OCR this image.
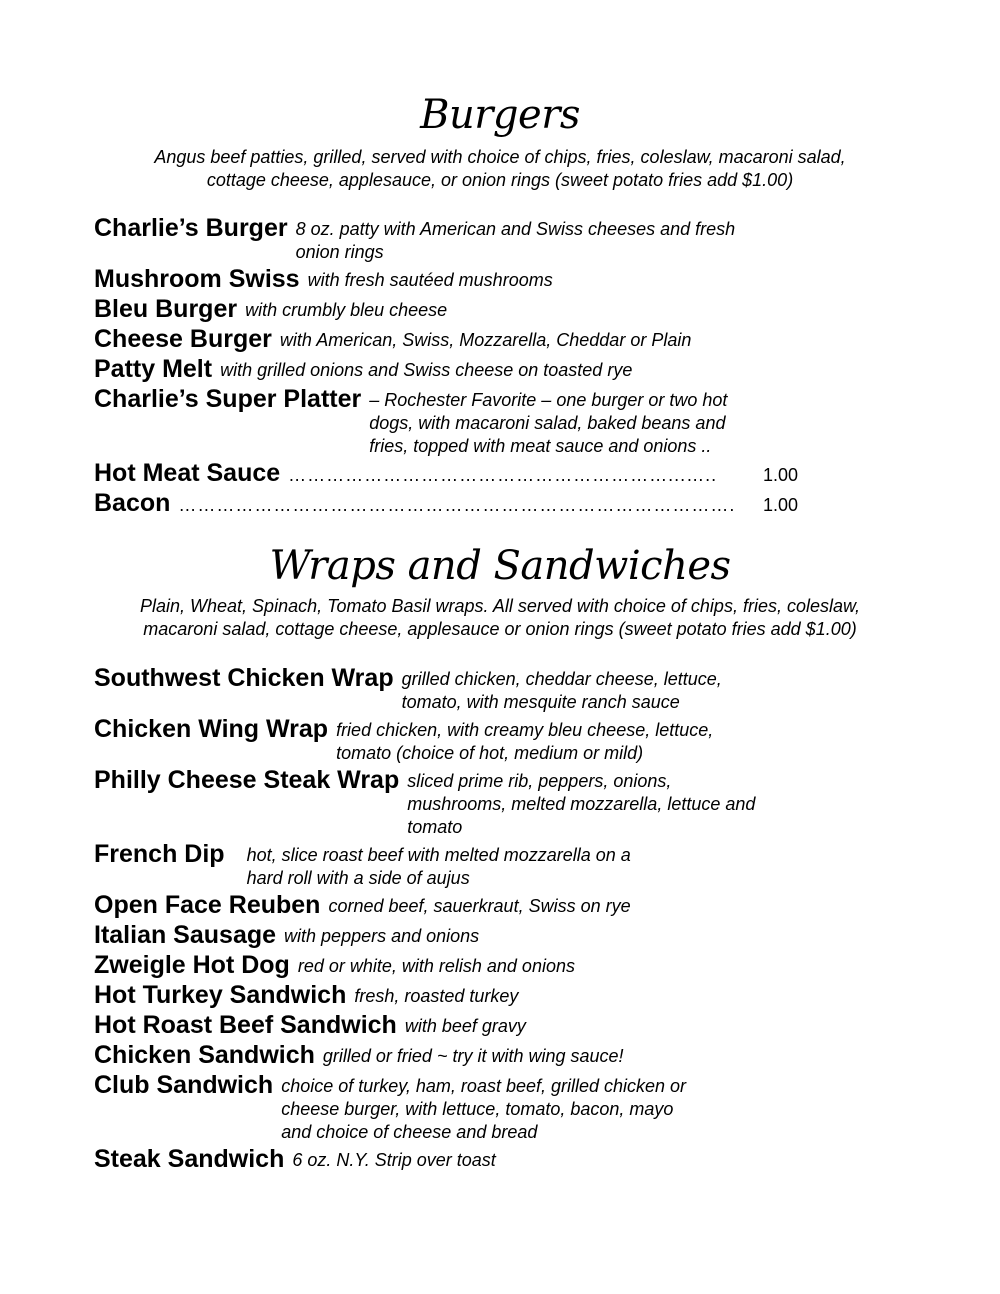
Burgers

Angus beef patties, grilled, served with choice of chips, fries, coleslaw, macaroni salad,
cottage cheese, applesauce, or onion rings (sweet potato fries add $1.00)

Charlie’s Burger 8 oz. patty with American and Swiss cheeses and fresh
onion rings
Mushroom Swiss with fresh sautéed mushrooms
Bleu Burger with crumbly bleu cheese
Cheese Burger with American, Swiss, Mozzarella, Cheddar or Plain
Patty Melt with grilled onions and Swiss cheese on toasted rye
Charlie’s Super Platter – Rochester Favorite – one burger or two hot
dogs, with macaroni salad, baked beans and
fries, topped with meat sauce and onions ..
Hot Meat Sauce ……………………………………………………...…..	1.00
Bacon …………………………………………………………………………….	1.00
Wraps and Sandwiches

Plain, Wheat, Spinach, Tomato Basil wraps. All served with choice of chips, fries, coleslaw,
macaroni salad, cottage cheese, applesauce or onion rings (sweet potato fries add $1.00)

Southwest Chicken Wrap grilled chicken, cheddar cheese, lettuce,
tomato, with mesquite ranch sauce
Chicken Wing Wrap fried chicken, with creamy bleu cheese, lettuce,
tomato (choice of hot, medium or mild)
Philly Cheese Steak Wrap sliced prime rib, peppers, onions,
mushrooms, melted mozzarella, lettuce and
tomato
French Dip hot, slice roast beef with melted mozzarella on a
hard roll with a side of aujus
Open Face Reuben corned beef, sauerkraut, Swiss on rye
Italian Sausage with peppers and onions
Zweigle Hot Dog red or white, with relish and onions
Hot Turkey Sandwich fresh, roasted turkey
Hot Roast Beef Sandwich with beef gravy
Chicken Sandwich grilled or fried ~ try it with wing sauce!
Club Sandwich choice of turkey, ham, roast beef, grilled chicken or
cheese burger, with lettuce, tomato, bacon, mayo
and choice of cheese and bread
Steak Sandwich 6 oz. N.Y. Strip over toast
